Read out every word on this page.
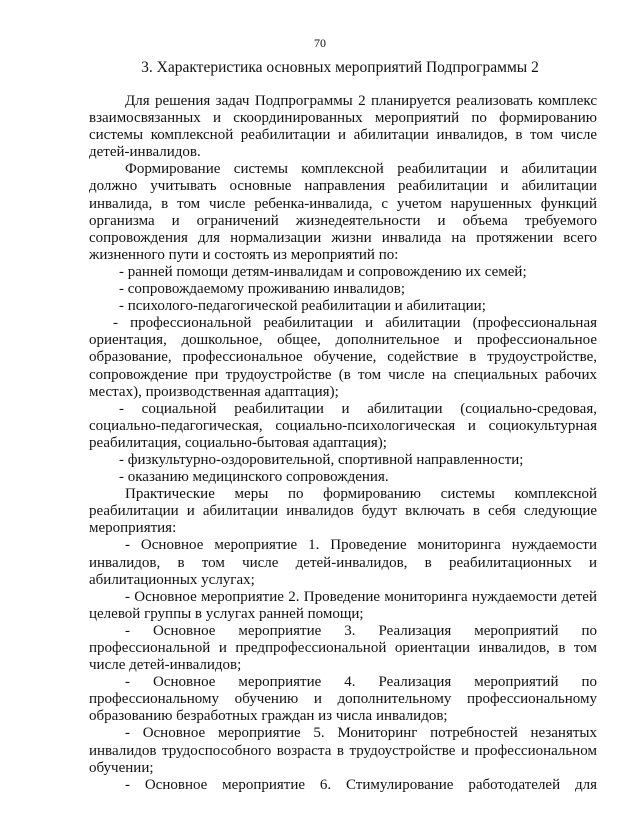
70
3. Характеристика основных мероприятий Подпрограммы 2

Для решения задач Подпрограммы 2 планируется реализовать комплекс взаимосвязанных и скоординированных мероприятий по формированию системы комплексной реабилитации и абилитации инвалидов, в том числе детей-инвалидов.

Формирование системы комплексной реабилитации и абилитации должно учитывать основные направления реабилитации и абилитации инвалида, в том числе ребенка-инвалида, с учетом нарушенных функций организма и ограничений жизнедеятельности и объема требуемого сопровождения для нормализации жизни инвалида на протяжении всего жизненного пути и состоять из мероприятий по:

- ранней помощи детям-инвалидам и сопровождению их семей;

- сопровождаемому проживанию инвалидов;

- психолого-педагогической реабилитации и абилитации;

- профессиональной реабилитации и абилитации (профессиональная ориентация, дошкольное, общее, дополнительное и профессиональное образование, профессиональное обучение, содействие в трудоустройстве, сопровождение при трудоустройстве (в том числе на специальных рабочих местах), производственная адаптация);

- социальной реабилитации и абилитации (социально-средовая, социально-педагогическая, социально-психологическая и социокультурная реабилитация, социально-бытовая адаптация);

- физкультурно-оздоровительной, спортивной направленности;

- оказанию медицинского сопровождения.

Практические меры по формированию системы комплексной реабилитации и абилитации инвалидов будут включать в себя следующие мероприятия:

- Основное мероприятие 1. Проведение мониторинга нуждаемости инвалидов, в том числе детей-инвалидов, в реабилитационных и абилитационных услугах;

- Основное мероприятие 2. Проведение мониторинга нуждаемости детей целевой группы в услугах ранней помощи;

- Основное мероприятие 3. Реализация мероприятий по профессиональной и предпрофессиональной ориентации инвалидов, в том числе детей-инвалидов;

- Основное мероприятие 4. Реализация мероприятий по профессиональному обучению и дополнительному профессиональному образованию безработных граждан из числа инвалидов;

- Основное мероприятие 5. Мониторинг потребностей незанятых инвалидов трудоспособного возраста в трудоустройстве и профессиональном обучении;

- Основное мероприятие 6. Стимулирование работодателей для
